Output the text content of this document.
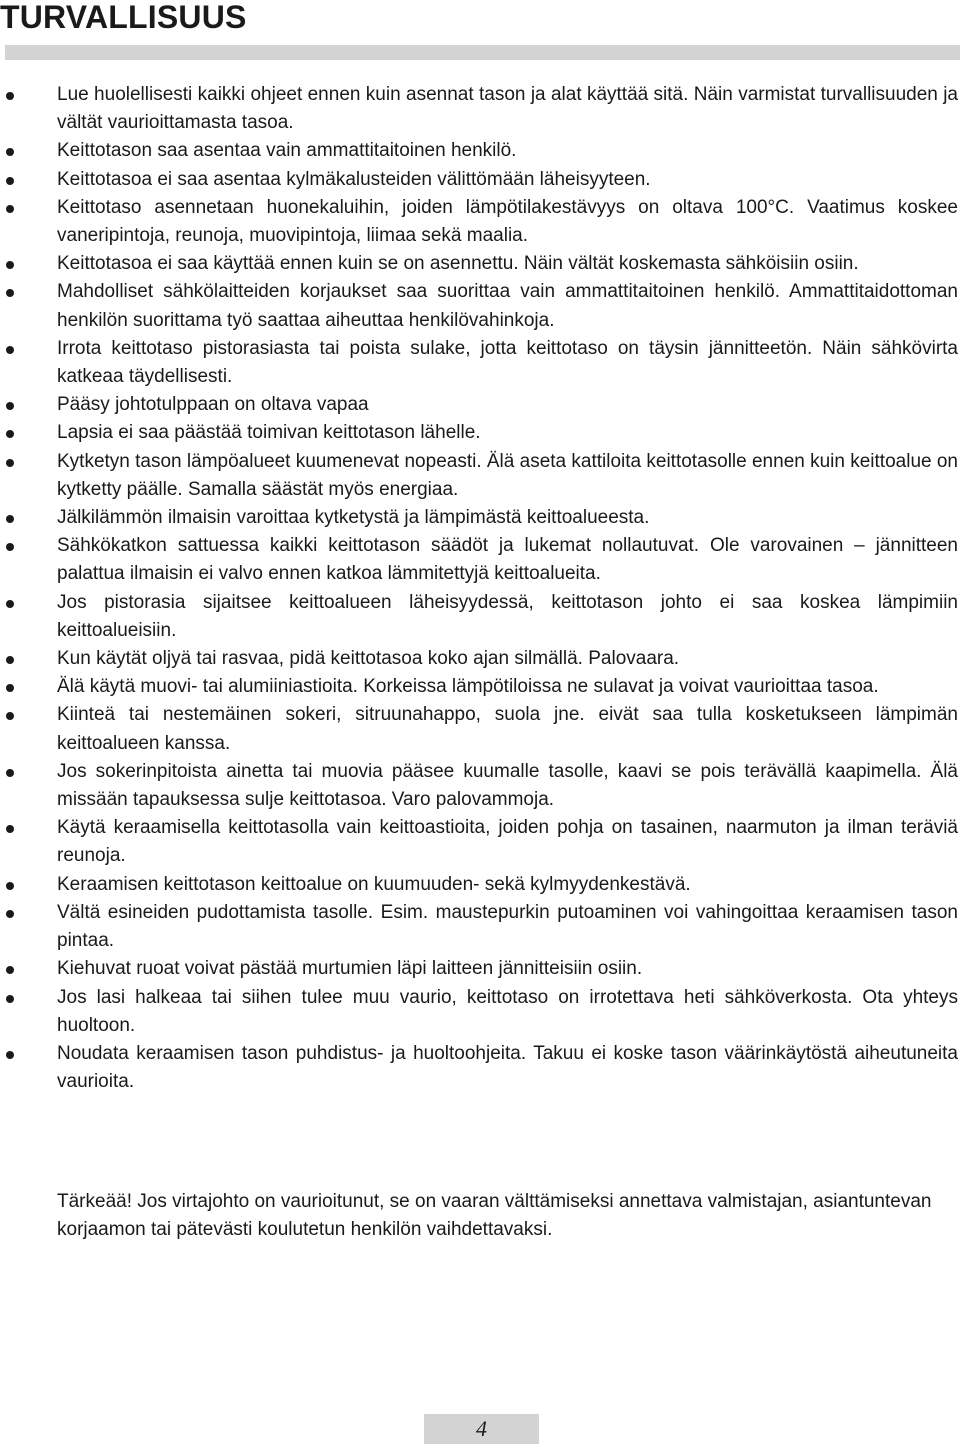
TURVALLISUUS
Lue huolellisesti kaikki ohjeet ennen kuin asennat tason ja alat käyttää sitä. Näin varmistat turvallisuuden ja vältät vaurioittamasta tasoa.
Keittotason saa asentaa vain ammattitaitoinen henkilö.
Keittotasoa ei saa asentaa kylmäkalusteiden välittömään läheisyyteen.
Keittotaso asennetaan huonekaluihin, joiden lämpötilakestävyys on oltava 100°C. Vaatimus koskee vaneripintoja, reunoja, muovipintoja, liimaa sekä maalia.
Keittotasoa ei saa käyttää ennen kuin se on asennettu. Näin vältät koskemasta sähköisiin osiin.
Mahdolliset sähkölaitteiden korjaukset saa suorittaa vain ammattitaitoinen henkilö. Ammattitaidottoman henkilön suorittama työ saattaa aiheuttaa henkilövahinkoja.
Irrota keittotaso pistorasiasta tai poista sulake, jotta keittotaso on täysin jännitteetön. Näin sähkövirta katkeaa täydellisesti.
Pääsy johtotulppaan on oltava vapaa
Lapsia ei saa päästää toimivan keittotason lähelle.
Kytketyn tason lämpöalueet kuumenevat nopeasti. Älä aseta kattiloita keittotasolle ennen kuin keittoalue on kytketty päälle. Samalla säästät myös energiaa.
Jälkilämmön ilmaisin varoittaa kytketystä ja lämpimästä keittoalueesta.
Sähkökatkon sattuessa kaikki keittotason säädöt ja lukemat nollautuvat. Ole varovainen – jännitteen palattua ilmaisin ei valvo ennen katkoa lämmitettyjä keittoalueita.
Jos pistorasia sijaitsee keittoalueen läheisyydessä, keittotason johto ei saa koskea lämpimiin keittoalueisiin.
Kun käytät oljyä tai rasvaa, pidä keittotasoa koko ajan silmällä. Palovaara.
Älä käytä muovi- tai alumiiniastioita. Korkeissa lämpötiloissa ne sulavat ja voivat vaurioittaa tasoa.
Kiinteä tai nestemäinen sokeri, sitruunahappo, suola jne. eivät saa tulla kosketukseen lämpimän keittoalueen kanssa.
Jos sokerinpitoista ainetta tai muovia pääsee kuumalle tasolle, kaavi se pois terävällä kaapimella. Älä missään tapauksessa sulje keittotasoa. Varo palovammoja.
Käytä keraamisella keittotasolla vain keittoastioita, joiden pohja on tasainen, naarmuton ja ilman teräviä reunoja.
Keraamisen keittotason keittoalue on kuumuuden- sekä kylmyydenkestävä.
Vältä esineiden pudottamista tasolle. Esim. maustepurkin putoaminen voi vahingoittaa keraamisen tason pintaa.
Kiehuvat ruoat voivat pästää murtumien läpi laitteen jännitteisiin osiin.
Jos lasi halkeaa tai siihen tulee muu vaurio, keittotaso on irrotettava heti sähköverkosta. Ota yhteys huoltoon.
Noudata keraamisen tason puhdistus- ja huoltoohjeita. Takuu ei koske tason väärinkäytöstä aiheutuneita vaurioita.

Tärkeää! Jos virtajohto on vaurioitunut, se on vaaran välttämiseksi annettava valmistajan, asiantuntevan korjaamon tai pätevästi koulutetun henkilön vaihdettavaksi.

4
